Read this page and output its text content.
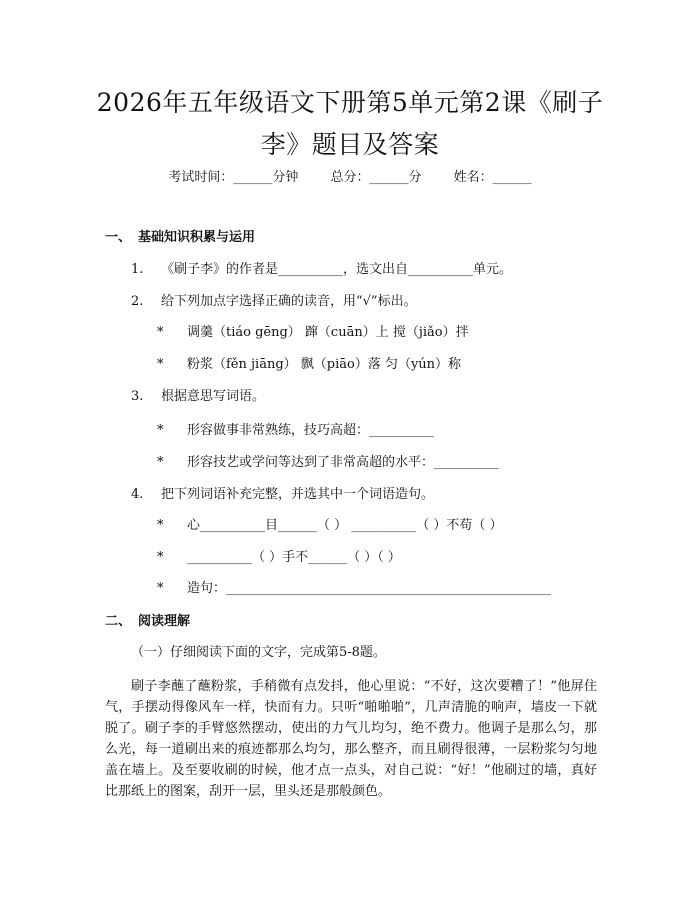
2026年五年级语文下册第5单元第2课《刷子李》题目及答案
考试时间：______分钟 总分：______分 姓名：______
一、 基础知识积累与运用
1. 《刷子李》的作者是__________，选文出自__________单元。
2. 给下列加点字选择正确的读音，用“√”标出。
* 调羹（tiáo gēng） 蹿（cuān）上 搅（jiǎo）拌
* 粉浆（fěn jiāng） 飘（piāo）落 匀（yún）称
3. 根据意思写词语。
* 形容做事非常熟练，技巧高超：__________
* 形容技艺或学问等达到了非常高超的水平：__________
4. 把下列词语补充完整，并选其中一个词语造句。
* 心__________目______（ ） __________（ ）不苟（ ）
* __________（ ）手不______（ ）（ ）
* 造句：__________________________________________________
二、 阅读理解
（一）仔细阅读下面的文字，完成第5-8题。
刷子李蘸了蘸粉浆，手稍微有点发抖，他心里说：“不好，这次要糟了！”他屏住气，手摆动得像风车一样，快而有力。只听“啪啪啪”，几声清脆的响声，墙皮一下就脱了。刷子李的手臂悠然摆动，使出的力气儿均匀，绝不费力。他调子是那么匀，那么光，每一道刷出来的痕迹都那么均匀，那么整齐，而且刷得很薄，一层粉浆匀匀地盖在墙上。及至要收刷的时候，他才点一点头，对自己说：“好！”他刷过的墙，真好比那纸上的图案，刮开一层，里头还是那般颜色。
